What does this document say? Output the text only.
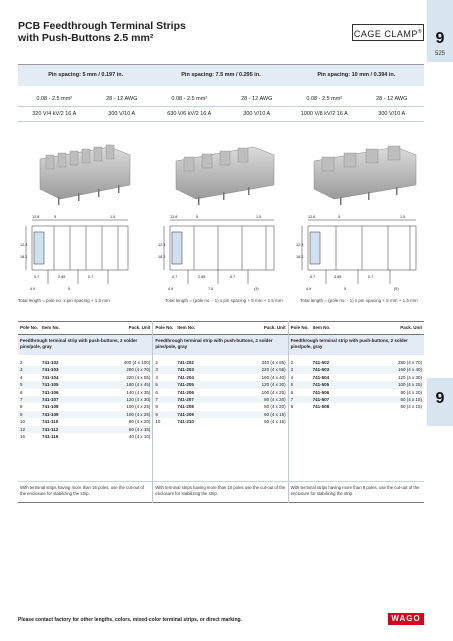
PCB Feedthrough Terminal Strips
with Push-Buttons 2.5 mm²	CAGE CLAMP® 9
525
9
Pin spacing: 5 mm / 0.197 in.	Pin spacing: 7.5 mm / 0.295 in.	Pin spacing: 10 mm / 0.394 in.
0.08 - 2.5 mm²	28 - 12 AWG	0.08 - 2.5 mm²	28 - 12 AWG	0.08 - 2.5 mm²	28 - 12 AWG
320 V/4 kV/2 16 A	300 V/10 A	630 V/6 kV/2 16 A	300 V/10 A	1000 V/8 kV/2 16 A	300 V/10 A
12.8	5	1.5
12.3
18.2
0.7	2.85	0.7
4.9	5
12.8	5	1.5
12.3
18.2
0.7	2.85	0.7
4.9	7.5	(3)
12.8	5	1.5
12.3
18.2
0.7	3.85	0.7
4.9	5	(5)
Total length = pole no. x pin spacing + 1.5 mm	Total length = (pole no. - 1) x pin spacing + 5 mm + 1.5 mm	Total length = (pole no. - 1) x pin spacing + 5 mm + 1.5 mm
Pole No. Item No.	Pack. Unit
Feedthrough terminal strip with push-buttons, 2 solder pins/pole, gray
2	741-102	400 (4 x 100)
3	741-103	280 (4 x 70)
4	741-104	220 (4 x 55)
5	741-105	180 (4 x 45)
6	741-106	140 (4 x 35)
7	741-107	120 (4 x 30)
8	741-108	100 (4 x 25)
9	741-109	100 (4 x 25)
10	741-110	80 (4 x 20)
12	741-112	60 (4 x 15)
16	741-116	40 (4 x 10)
With terminal strips having more than 16 poles, use the cut-out of the enclosure for stabilizing the strip.
Pole No. Item No.	Pack. Unit
Feedthrough terminal strip with push-buttons, 2 solder pins/pole, gray
2	741-202	340 (4 x 85)
3	741-203	220 (4 x 55)
4	741-204	160 (4 x 40)
5	741-205	120 (4 x 30)
6	741-206	100 (4 x 25)
7	741-207	80 (4 x 20)
8	741-208	80 (4 x 20)
9	741-209	60 (4 x 15)
10	741-210	60 (4 x 15)
With terminal strips having more than 10 poles use the cut-out of the enclosure for stabilizing the strip.
Pole No. Item No.	Pack. Unit
Feedthrough terminal strip with push-buttons, 2 solder pins/pole, gray
2	741-502	280 (4 x 70)
3	741-503	160 (4 x 40)
4	741-504	120 (4 x 30)
5	741-505	100 (4 x 25)
6	741-506	80 (4 x 20)
7	741-507	60 (4 x 15)
8	741-508	60 (4 x 15)
With terminal strips having more than 8 poles, use the cut-out of the enclosure for stabilizing the strip.
Please contact factory for other lengths, colors, mixed-color terminal strips, or direct marking.	WAGO
